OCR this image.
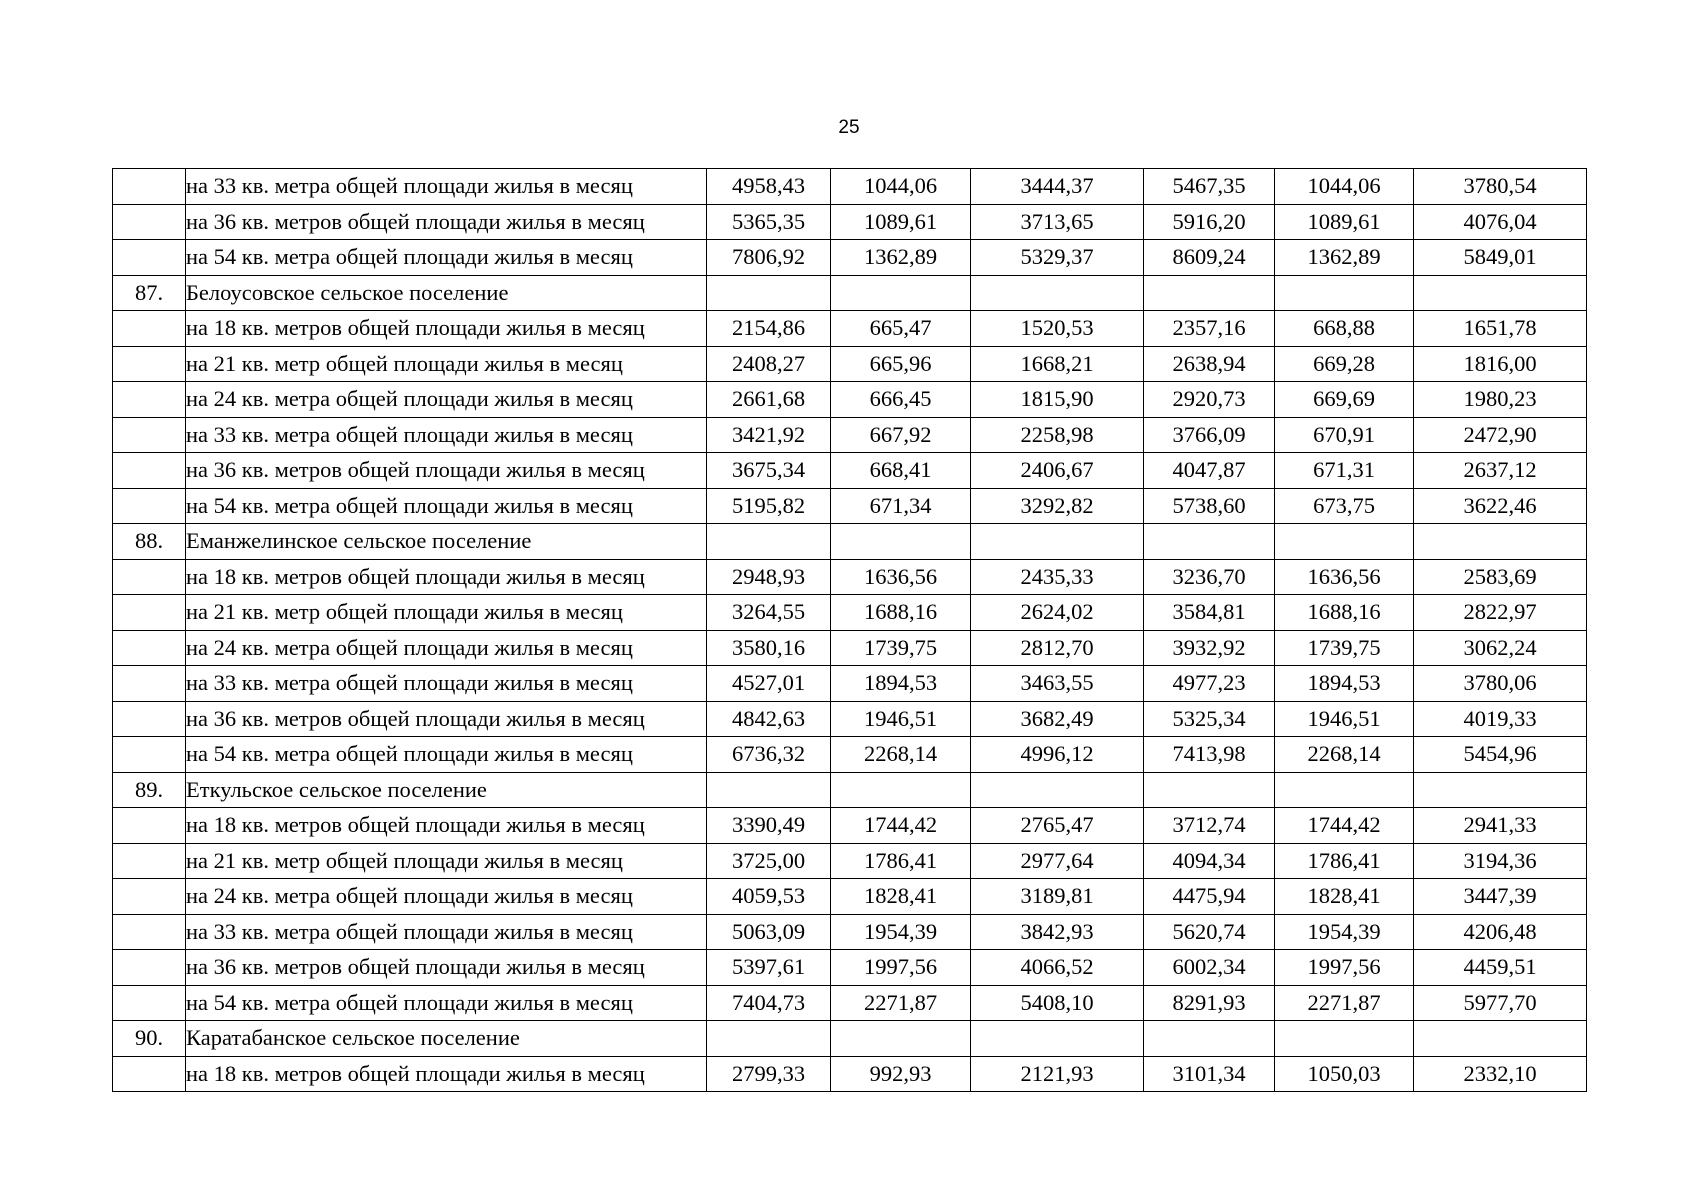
25
	на 33 кв. метра общей площади жилья в месяц	4958,43	1044,06	3444,37	5467,35	1044,06	3780,54
	на 36 кв. метров общей площади жилья в месяц	5365,35	1089,61	3713,65	5916,20	1089,61	4076,04
	на 54 кв. метра общей площади жилья в месяц	7806,92	1362,89	5329,37	8609,24	1362,89	5849,01
87.	Белоусовское сельское поселение						
	на 18 кв. метров общей площади жилья в месяц	2154,86	665,47	1520,53	2357,16	668,88	1651,78
	на 21 кв. метр общей площади жилья в месяц	2408,27	665,96	1668,21	2638,94	669,28	1816,00
	на 24 кв. метра общей площади жилья в месяц	2661,68	666,45	1815,90	2920,73	669,69	1980,23
	на 33 кв. метра общей площади жилья в месяц	3421,92	667,92	2258,98	3766,09	670,91	2472,90
	на 36 кв. метров общей площади жилья в месяц	3675,34	668,41	2406,67	4047,87	671,31	2637,12
	на 54 кв. метра общей площади жилья в месяц	5195,82	671,34	3292,82	5738,60	673,75	3622,46
88.	Еманжелинское сельское поселение						
	на 18 кв. метров общей площади жилья в месяц	2948,93	1636,56	2435,33	3236,70	1636,56	2583,69
	на 21 кв. метр общей площади жилья в месяц	3264,55	1688,16	2624,02	3584,81	1688,16	2822,97
	на 24 кв. метра общей площади жилья в месяц	3580,16	1739,75	2812,70	3932,92	1739,75	3062,24
	на 33 кв. метра общей площади жилья в месяц	4527,01	1894,53	3463,55	4977,23	1894,53	3780,06
	на 36 кв. метров общей площади жилья в месяц	4842,63	1946,51	3682,49	5325,34	1946,51	4019,33
	на 54 кв. метра общей площади жилья в месяц	6736,32	2268,14	4996,12	7413,98	2268,14	5454,96
89.	Еткульское сельское поселение						
	на 18 кв. метров общей площади жилья в месяц	3390,49	1744,42	2765,47	3712,74	1744,42	2941,33
	на 21 кв. метр общей площади жилья в месяц	3725,00	1786,41	2977,64	4094,34	1786,41	3194,36
	на 24 кв. метра общей площади жилья в месяц	4059,53	1828,41	3189,81	4475,94	1828,41	3447,39
	на 33 кв. метра общей площади жилья в месяц	5063,09	1954,39	3842,93	5620,74	1954,39	4206,48
	на 36 кв. метров общей площади жилья в месяц	5397,61	1997,56	4066,52	6002,34	1997,56	4459,51
	на 54 кв. метра общей площади жилья в месяц	7404,73	2271,87	5408,10	8291,93	2271,87	5977,70
90.	Каратабанское сельское поселение						
	на 18 кв. метров общей площади жилья в месяц	2799,33	992,93	2121,93	3101,34	1050,03	2332,10
